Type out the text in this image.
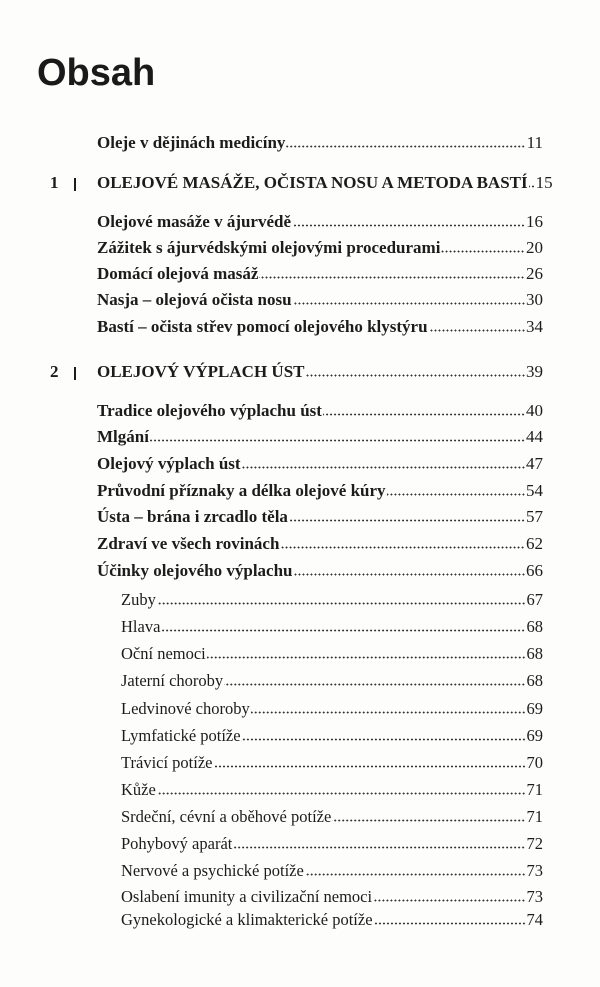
Obsah
Oleje v dějinách medicíny	11
1 OLEJOVÉ MASÁŽE, OČISTA NOSU A METODA BASTÍ 15
Olejové masáže v ájurvédě	16
Zážitek s ájurvédskými olejovými procedurami	20
Domácí olejová masáž	26
Nasja – olejová očista nosu	30
Bastí – očista střev pomocí olejového klystýru	34
2 OLEJOVÝ VÝPLACH ÚST	39
Tradice olejového výplachu úst	40
Mlgání	44
Olejový výplach úst	47
Průvodní příznaky a délka olejové kúry	54
Ústa – brána i zrcadlo těla	57
Zdraví ve všech rovinách	62
Účinky olejového výplachu	66
Zuby	67
Hlava	68
Oční nemoci	68
Jaterní choroby	68
Ledvinové choroby	69
Lymfatické potíže	69
Trávicí potíže	70
Kůže	71
Srdeční, cévní a oběhové potíže	71
Pohybový aparát	72
Nervové a psychické potíže	73
Oslabení imunity a civilizační nemoci	73
Gynekologické a klimakterické potíže	74
